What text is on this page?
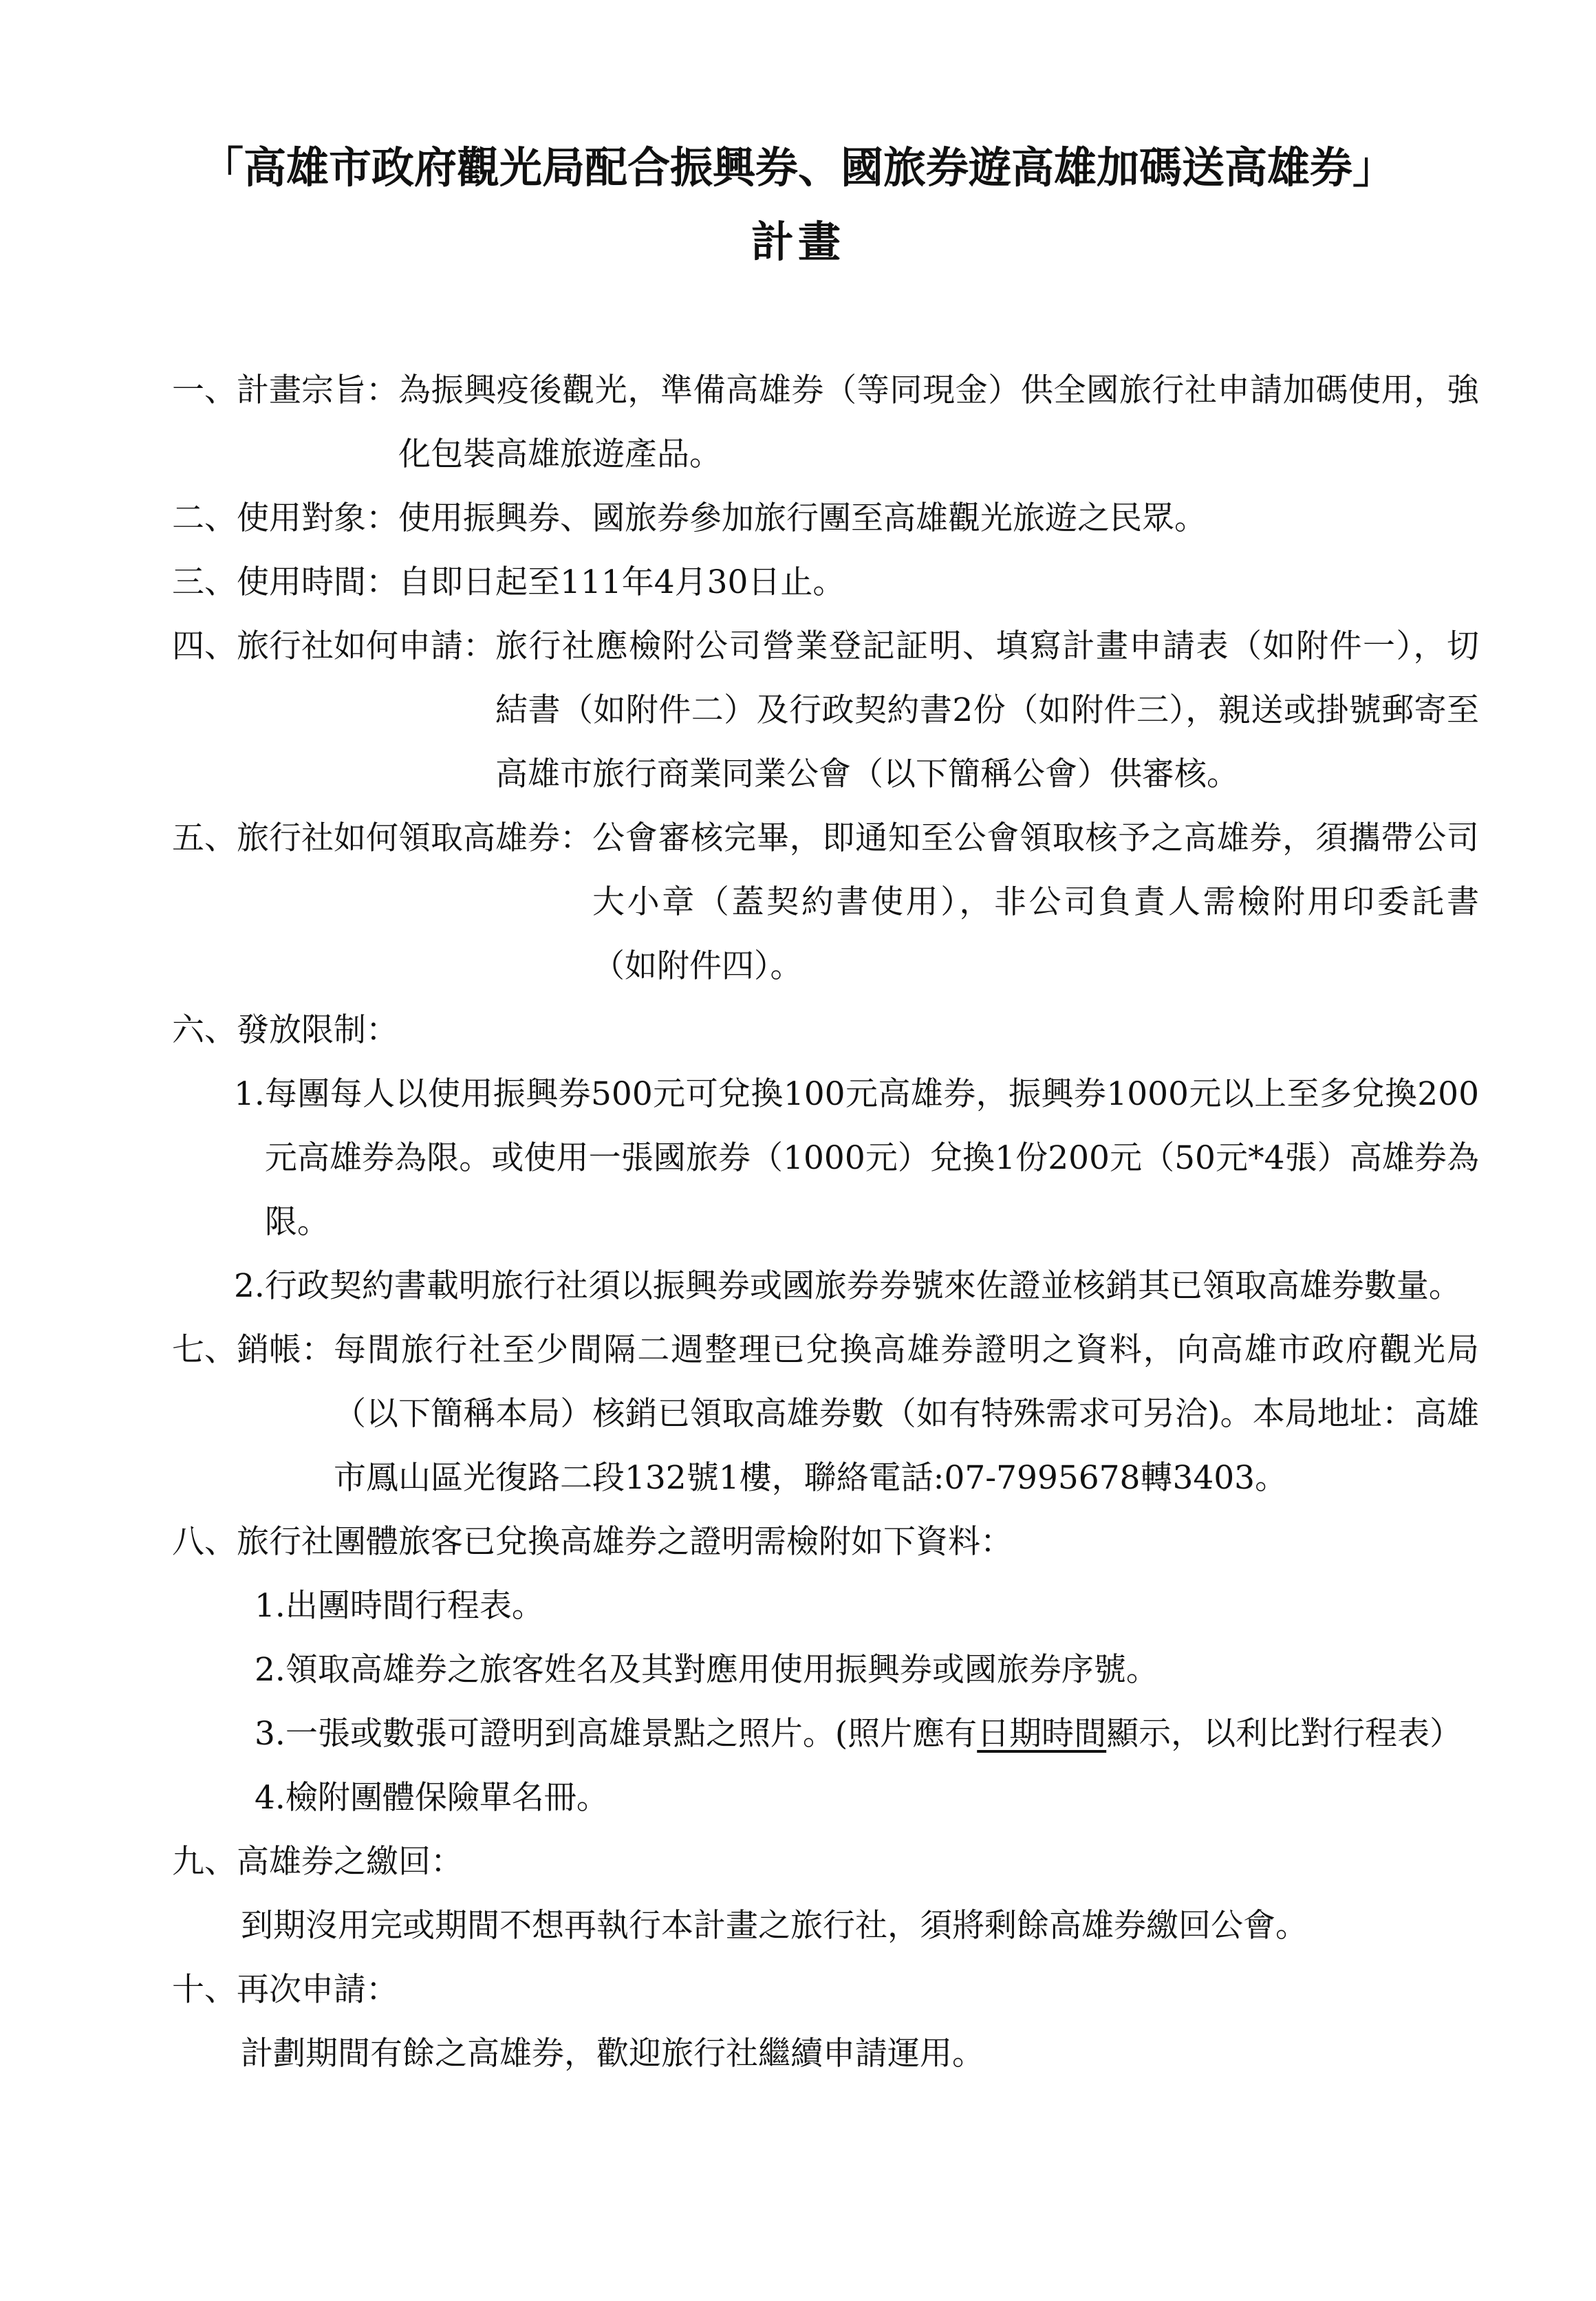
「高雄市政府觀光局配合振興券、國旅券遊高雄加碼送高雄券」
計畫
一、計畫宗旨： 為振興疫後觀光，準備高雄券（等同現金）供全國旅行社申請加碼使用，強化包裝高雄旅遊產品。
二、使用對象： 使用振興券、國旅券參加旅行團至高雄觀光旅遊之民眾。
三、使用時間： 自即日起至111年4月30日止。
四、旅行社如何申請： 旅行社應檢附公司營業登記証明、填寫計畫申請表（如附件一），切結書（如附件二）及行政契約書2份（如附件三），親送或掛號郵寄至高雄市旅行商業同業公會（以下簡稱公會）供審核。
五、旅行社如何領取高雄券： 公會審核完畢，即通知至公會領取核予之高雄券，須攜帶公司大小章（蓋契約書使用），非公司負責人需檢附用印委託書（如附件四）。
六、發放限制：
1. 每團每人以使用振興券500元可兌換100元高雄券，振興券1000元以上至多兌換200元高雄券為限。或使用一張國旅券（1000元）兌換1份200元（50元*4張）高雄券為限。
2. 行政契約書載明旅行社須以振興券或國旅券券號來佐證並核銷其已領取高雄券數量。
七、銷帳： 每間旅行社至少間隔二週整理已兌換高雄券證明之資料，向高雄市政府觀光局（以下簡稱本局）核銷已領取高雄券數（如有特殊需求可另洽)。本局地址：高雄市鳳山區光復路二段132號1樓，聯絡電話:07-7995678轉3403。
八、旅行社團體旅客已兌換高雄券之證明需檢附如下資料：
1. 出團時間行程表。
2. 領取高雄券之旅客姓名及其對應用使用振興券或國旅券序號。
3. 一張或數張可證明到高雄景點之照片。(照片應有日期時間顯示，以利比對行程表）
4. 檢附團體保險單名冊。
九、高雄券之繳回：
到期沒用完或期間不想再執行本計畫之旅行社，須將剩餘高雄券繳回公會。
十、再次申請：
計劃期間有餘之高雄券，歡迎旅行社繼續申請運用。
